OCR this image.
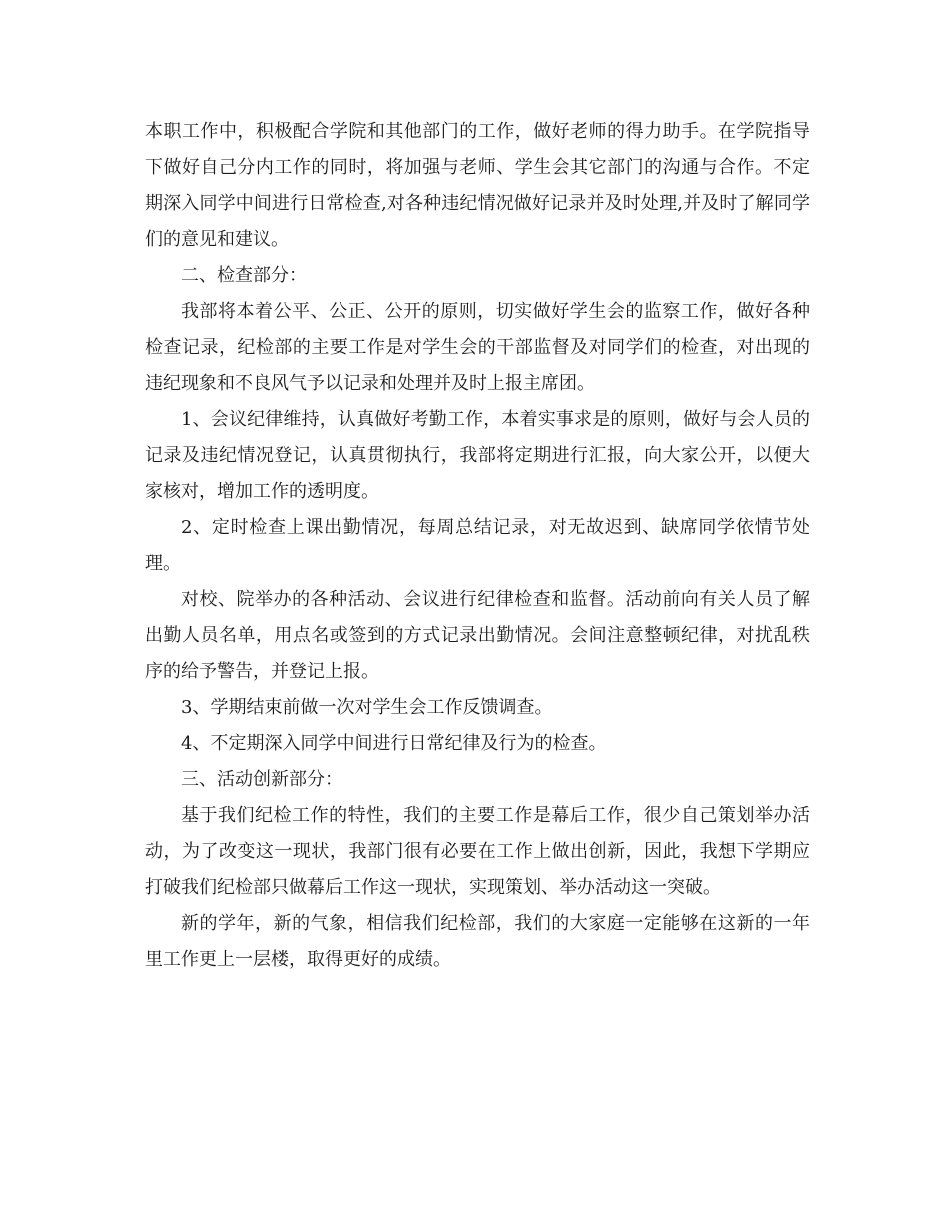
本职工作中，积极配合学院和其他部门的工作，做好老师的得力助手。在学院指导下做好自己分内工作的同时，将加强与老师、学生会其它部门的沟通与合作。不定期深入同学中间进行日常检查,对各种违纪情况做好记录并及时处理,并及时了解同学们的意见和建议。

二、检查部分：

我部将本着公平、公正、公开的原则，切实做好学生会的监察工作，做好各种检查记录，纪检部的主要工作是对学生会的干部监督及对同学们的检查，对出现的违纪现象和不良风气予以记录和处理并及时上报主席团。

1、会议纪律维持，认真做好考勤工作，本着实事求是的原则，做好与会人员的记录及违纪情况登记，认真贯彻执行，我部将定期进行汇报，向大家公开，以便大家核对，增加工作的透明度。

2、定时检查上课出勤情况，每周总结记录，对无故迟到、缺席同学依情节处理。

对校、院举办的各种活动、会议进行纪律检查和监督。活动前向有关人员了解出勤人员名单，用点名或签到的方式记录出勤情况。会间注意整顿纪律，对扰乱秩序的给予警告，并登记上报。

3、学期结束前做一次对学生会工作反馈调查。

4、不定期深入同学中间进行日常纪律及行为的检查。

三、活动创新部分：

基于我们纪检工作的特性，我们的主要工作是幕后工作，很少自己策划举办活动，为了改变这一现状，我部门很有必要在工作上做出创新，因此，我想下学期应打破我们纪检部只做幕后工作这一现状，实现策划、举办活动这一突破。

新的学年，新的气象，相信我们纪检部，我们的大家庭一定能够在这新的一年里工作更上一层楼，取得更好的成绩。
